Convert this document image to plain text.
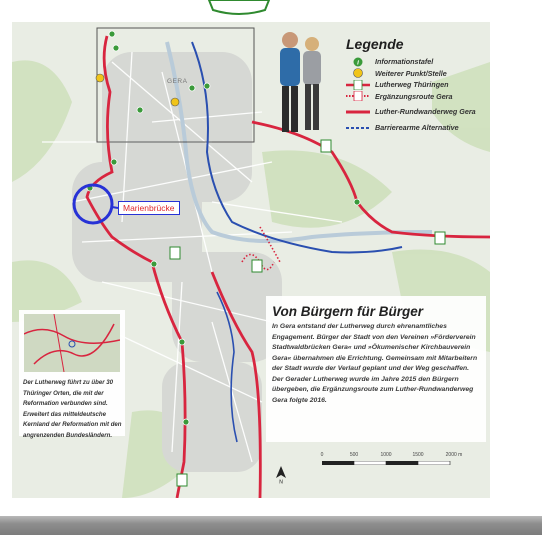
Legende
i Informationstafel
Weiterer Punkt/Stelle
Lutherweg Thüringen
Ergänzungsroute Gera
Luther-Rundwanderweg Gera
Barrierearme Alternative
GERA
Marienbrücke
Der Lutherweg führt zu über 30 Thüringer Orten, die mit der Reformation verbunden sind. Erweitert das mitteldeutsche Kernland der Reformation mit den angrenzenden Bundesländern.
Von Bürgern für Bürger
In Gera entstand der Lutherweg durch ehrenamtliches Engagement. Bürger der Stadt von den Vereinen »Förderverein Stadtwaldbrücken Gera« und »Ökumenischer Kirchbauverein Gera« übernahmen die Errichtung. Gemeinsam mit Mitarbeitern der Stadt wurde der Verlauf geplant und der Weg geschaffen. Der Gerader Lutherweg wurde im Jahre 2015 den Bürgern übergeben, die Ergänzungsroute zum Luther-Rundwanderweg Gera folgte 2016.
N
0	500	1000	1500	2000 m
